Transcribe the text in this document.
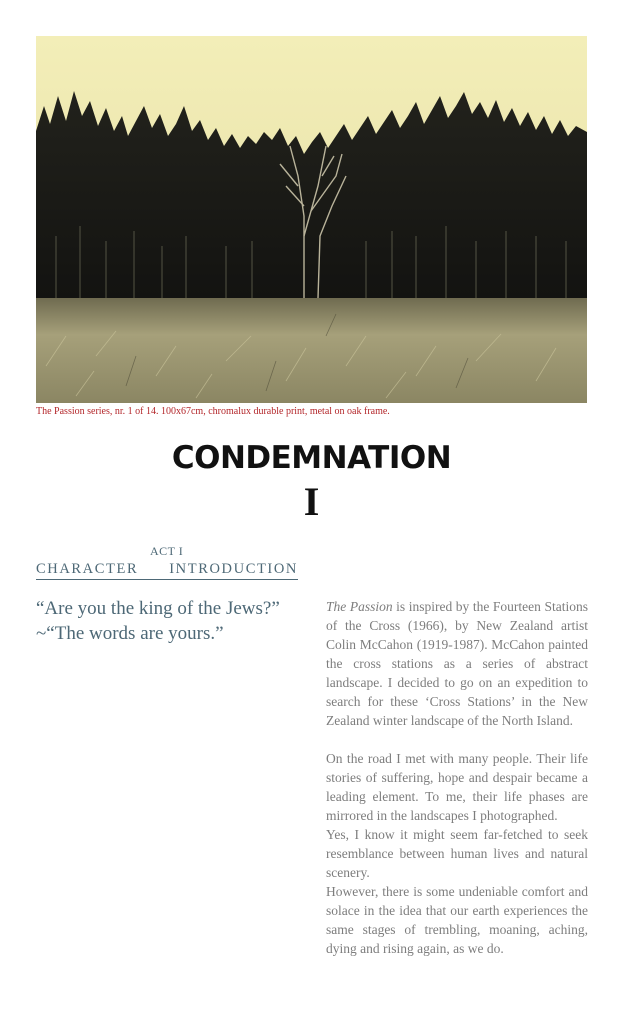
The Passion series, nr. 1 of 14. 100x67cm, chromalux durable print, metal on oak frame.
CONDEMNATION
I
ACT I
CHARACTER INTRODUCTION
“Are you the king of the Jews?”
~“The words are yours.”

The Passion is inspired by the Fourteen Stations of the Cross (1966), by New Zealand artist Colin McCahon (1919-1987). McCahon painted the cross stations as a series of abstract landscape. I decided to go on an expedition to search for these ‘Cross Stations’ in the New Zealand winter landscape of the North Island.

On the road I met with many people. Their life stories of suffering, hope and despair became a leading element. To me, their life phases are mirrored in the landscapes I photographed.

Yes, I know it might seem far-fetched to seek resemblance between human lives and natural scenery.

However, there is some undeniable comfort and solace in the idea that our earth experiences the same stages of trembling, moaning, aching, dying and rising again, as we do.
